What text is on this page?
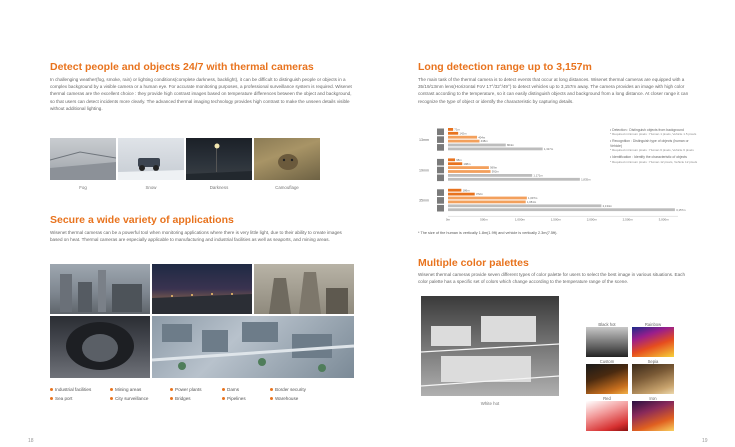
Detect people and objects 24/7 with thermal cameras
In challenging weather(fog, smoke, rain) or lighting conditions(complete darkness, backlight), it can be difficult to distinguish people or objects in a complex background by a visible camera or a human eye. For accurate monitoring purposes, a professional surveillance system is required. Wisenet thermal cameras are the excellent choice : they provide high contrast images based on temperature differences between the object and background, so that users can detect incidents more clearly. The advanced thermal imaging technology provides high contrast to make the unseen details visible without additional lighting.
Fog	Snow	Darkness	Camouflage
Secure a wide variety of applications
Wisenet thermal cameras can be a powerful tool when monitoring applications where there is very little light, due to their ability to create images based on heat. Thermal cameras are especially applicable to manufacturing and industrial facilities as well as seaports, and mining areas.
Industrial facilities	Mining areas	Power plants	Dams	Border security
Sea port	City surveillance	Bridges	Pipelines	Warehouse
18
Long detection range up to 3,157m
The main task of the thermal camera is to detect events that occur at long distances. Wisenet thermal cameras are equipped with a 35/19/13mm lens(Horizontal FoV 17°/32°/49°) to detect vehicles up to 3,157m away. The camera provides an image with high color contrast according to the temperature, so it can easily distinguish objects and background from a long distance. At closer range it can recognize the type of object or identify the characteristic by capturing details.
13mm
71m
142m
404m
438m
804m
1,317m
19mm
98m
198m
569m
592m
1,171m
1,835m
35mm
186m
372m
1,097m
1,081m
2,134m
3,157m
0m	500m	1,000m	1,500m	2,000m	2,500m	3,000m
• Detection : Distinguish objects from background
* Required minimum pixels : Human 1 pixels, Vehicle 1.5 pixels
• Recognition : Distinguish type of objects (human or Vehicle)
* Required minimum pixels : Human 6 pixels, Vehicle 6 pixels
• Identification : Identify the characteristic of objects
* Required minimum pixels : Human 12 pixels, Vehicle 12 pixels
* The size of the human is vertically 1.8m(1.9ft) and vehicle is vertically 2.3m(7.5ft).
Multiple color palettes
Wisenet thermal cameras provide seven different types of color palette for users to select the best image in various situations. Each color palette has a specific set of colors which change according to the temperature range of the scene.
White hot
Black hot	Rainbow
Custom	Sepia
Red	Iron
19
